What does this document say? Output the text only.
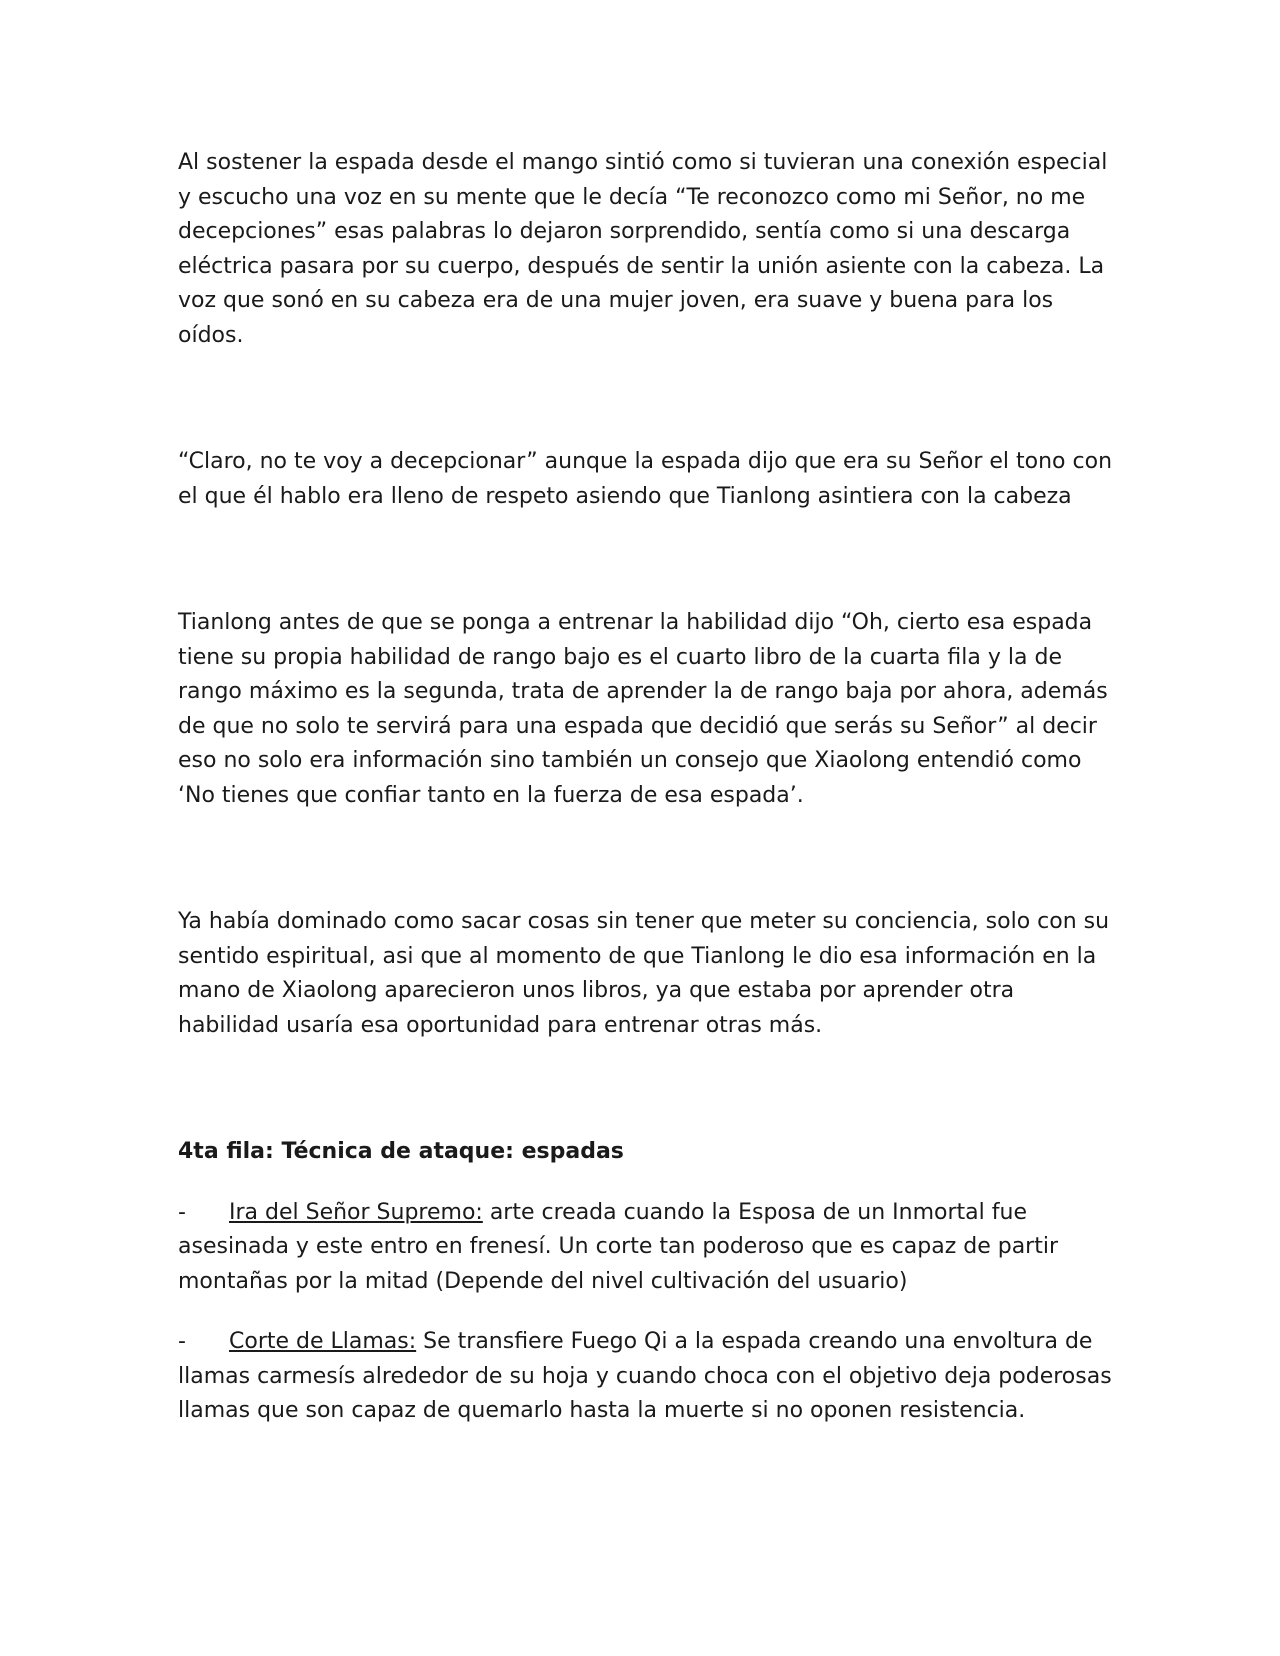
Al sostener la espada desde el mango sintió como si tuvieran una conexión especial y escucho una voz en su mente que le decía “Te reconozco como mi Señor, no me decepciones” esas palabras lo dejaron sorprendido, sentía como si una descarga eléctrica pasara por su cuerpo, después de sentir la unión asiente con la cabeza. La voz que sonó en su cabeza era de una mujer joven, era suave y buena para los oídos.

“Claro, no te voy a decepcionar” aunque la espada dijo que era su Señor el tono con el que él hablo era lleno de respeto asiendo que Tianlong asintiera con la cabeza

Tianlong antes de que se ponga a entrenar la habilidad dijo “Oh, cierto esa espada tiene su propia habilidad de rango bajo es el cuarto libro de la cuarta fila y la de rango máximo es la segunda, trata de aprender la de rango baja por ahora, además de que no solo te servirá para una espada que decidió que serás su Señor” al decir eso no solo era información sino también un consejo que Xiaolong entendió como ‘No tienes que confiar tanto en la fuerza de esa espada’.

Ya había dominado como sacar cosas sin tener que meter su conciencia, solo con su sentido espiritual, asi que al momento de que Tianlong le dio esa información en la mano de Xiaolong aparecieron unos libros, ya que estaba por aprender otra habilidad usaría esa oportunidad para entrenar otras más.

4ta fila: Técnica de ataque: espadas

- Ira del Señor Supremo: arte creada cuando la Esposa de un Inmortal fue asesinada y este entro en frenesí. Un corte tan poderoso que es capaz de partir montañas por la mitad (Depende del nivel cultivación del usuario)

- Corte de Llamas: Se transfiere Fuego Qi a la espada creando una envoltura de llamas carmesís alrededor de su hoja y cuando choca con el objetivo deja poderosas llamas que son capaz de quemarlo hasta la muerte si no oponen resistencia.
